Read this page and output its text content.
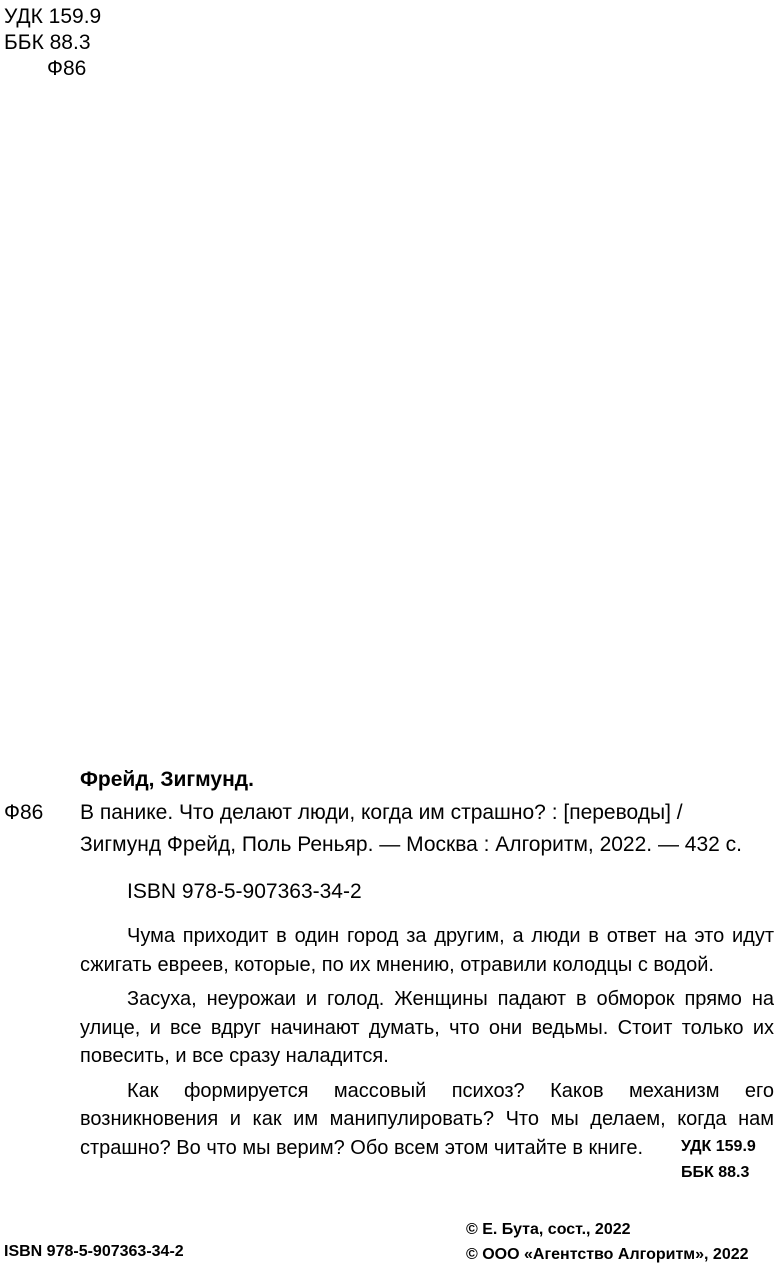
УДК 159.9
ББК 88.3
Ф86
Фрейд, Зигмунд.
Ф86 В панике. Что делают люди, когда им страшно? : [переводы] /
Зигмунд Фрейд, Поль Реньяр. — Москва : Алгоритм, 2022. — 432 с.
ISBN 978-5-907363-34-2

Чума приходит в один город за другим, а люди в ответ на это идут сжигать евреев, которые, по их мнению, отравили колодцы с водой.

Засуха, неурожаи и голод. Женщины падают в обморок прямо на улице, и все вдруг начинают думать, что они ведьмы. Стоит только их повесить, и все сразу наладится.

Как формируется массовый психоз? Каков механизм его возникновения и как им манипулировать? Что мы делаем, когда нам страшно? Во что мы верим? Обо всем этом читайте в книге.	УДК 159.9
ББК 88.3
ISBN 978-5-907363-34-2
© Е. Бута, сост., 2022
© ООО «Агентство Алгоритм», 2022
